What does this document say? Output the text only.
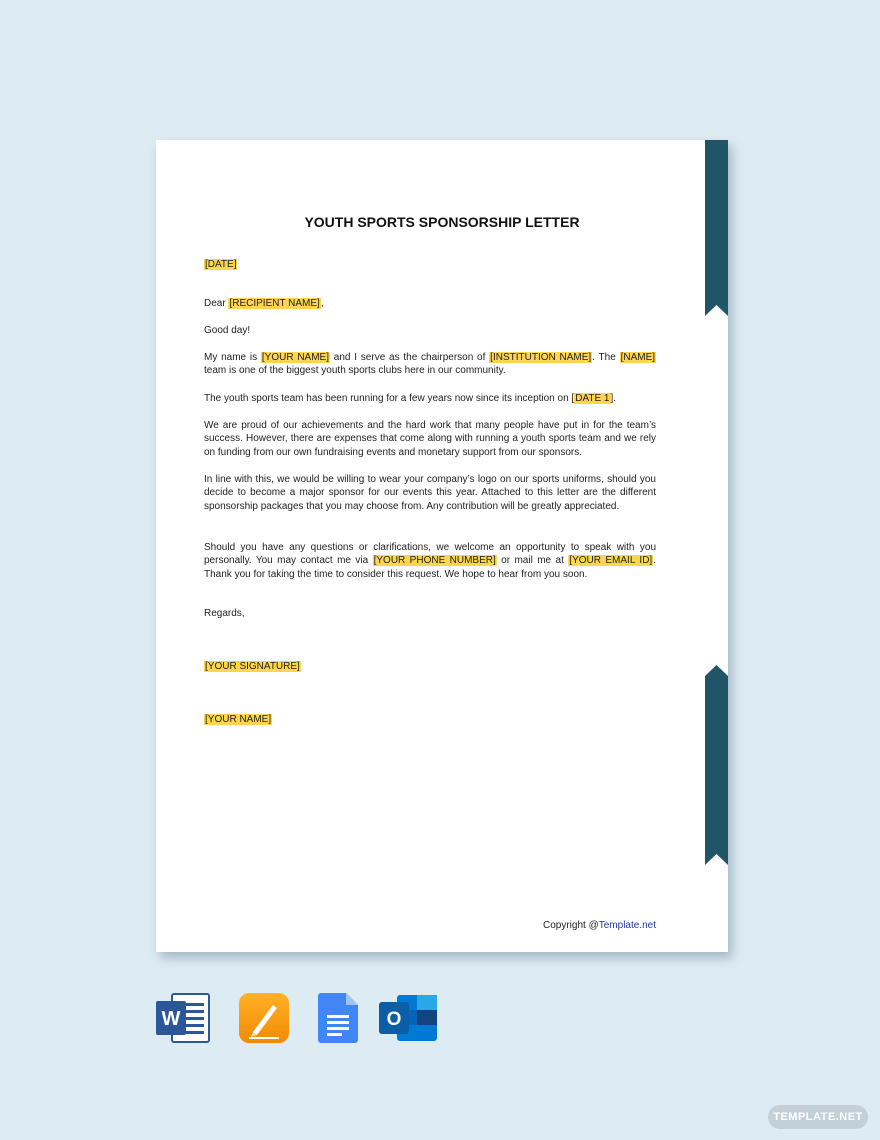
YOUTH SPORTS SPONSORSHIP LETTER

[DATE]

Dear [RECIPIENT NAME],

Good day!

My name is [YOUR NAME] and I serve as the chairperson of [INSTITUTION NAME]. The [NAME] team is one of the biggest youth sports clubs here in our community.

The youth sports team has been running for a few years now since its inception on [DATE 1].

We are proud of our achievements and the hard work that many people have put in for the team’s success. However, there are expenses that come along with running a youth sports team and we rely on funding from our own fundraising events and monetary support from our sponsors.

In line with this, we would be willing to wear your company’s logo on our sports uniforms, should you decide to become a major sponsor for our events this year. Attached to this letter are the different sponsorship packages that you may choose from. Any contribution will be greatly appreciated.

Should you have any questions or clarifications, we welcome an opportunity to speak with you personally. You may contact me via [YOUR PHONE NUMBER] or mail me at [YOUR EMAIL ID]. Thank you for taking the time to consider this request. We hope to hear from you soon.

Regards,

[YOUR SIGNATURE]

[YOUR NAME]

Copyright @Template.net
W	O
TEMPLATE.NET
